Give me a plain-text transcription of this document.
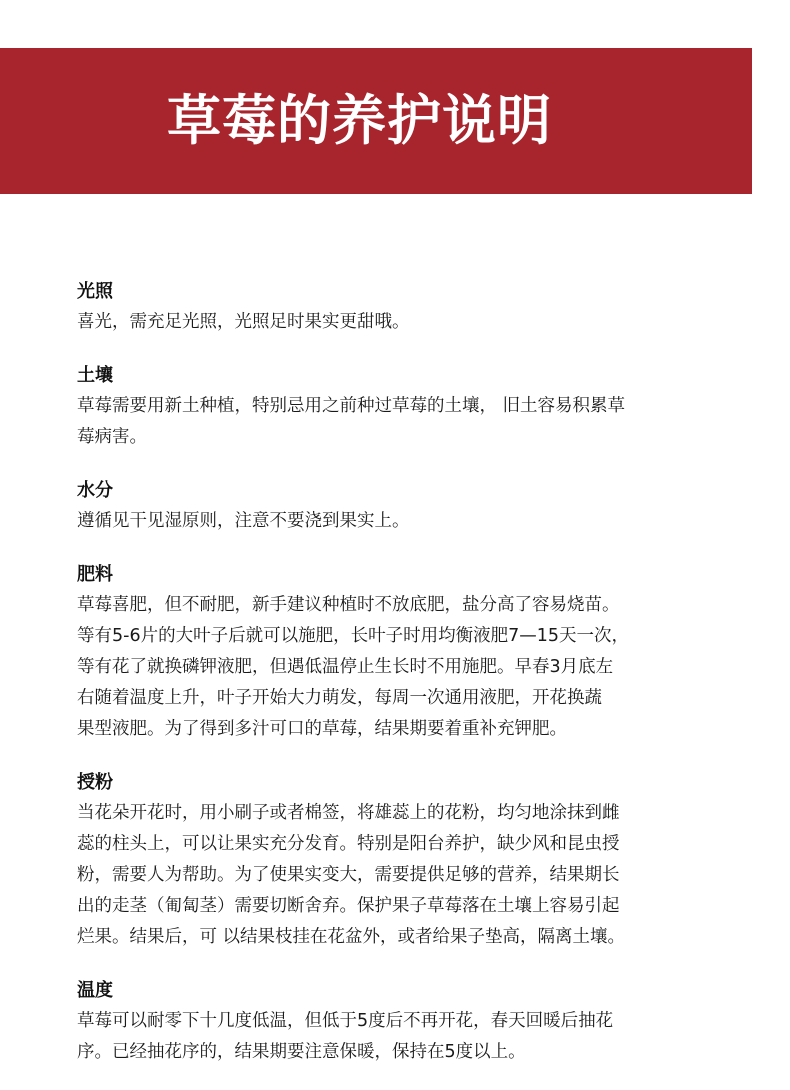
草莓的养护说明
光照

喜光，需充足光照，光照足时果实更甜哦。

土壤

草莓需要用新土种植，特别忌用之前种过草莓的土壤， 旧土容易积累草
莓病害。

水分

遵循见干见湿原则，注意不要浇到果实上。

肥料

草莓喜肥，但不耐肥，新手建议种植时不放底肥，盐分高了容易烧苗。
等有5-6片的大叶子后就可以施肥，长叶子时用均衡液肥7—15天一次，
等有花了就换磷钾液肥，但遇低温停止生长时不用施肥。早春3月底左
右随着温度上升，叶子开始大力萌发，每周一次通用液肥，开花换蔬
果型液肥。为了得到多汁可口的草莓，结果期要着重补充钾肥。

授粉

当花朵开花时，用小刷子或者棉签，将雄蕊上的花粉，均匀地涂抹到雌
蕊的柱头上，可以让果实充分发育。特别是阳台养护，缺少风和昆虫授
粉，需要人为帮助。为了使果实变大，需要提供足够的营养，结果期长
出的走茎（匍匐茎）需要切断舍弃。保护果子草莓落在土壤上容易引起
烂果。结果后，可 以结果枝挂在花盆外，或者给果子垫高，隔离土壤。

温度

草莓可以耐零下十几度低温，但低于5度后不再开花，春天回暖后抽花
序。已经抽花序的，结果期要注意保暖，保持在5度以上。
